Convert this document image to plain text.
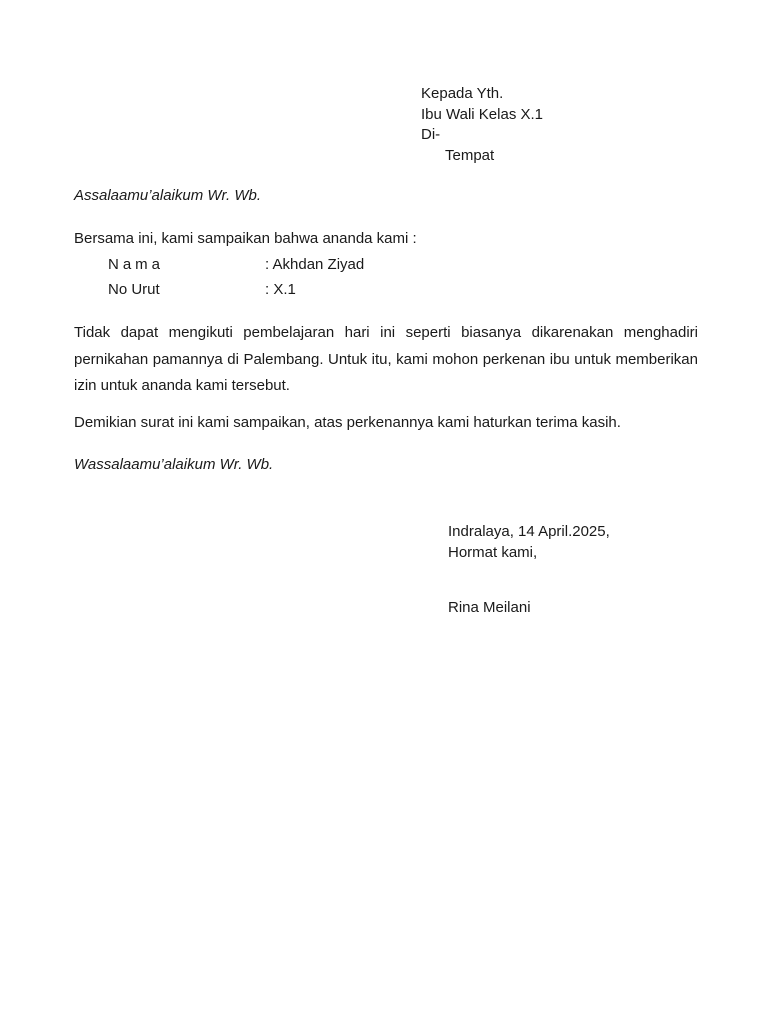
Kepada Yth.
Ibu Wali Kelas X.1
Di-
Tempat
Assalaamu’alaikum Wr. Wb.
Bersama ini, kami sampaikan bahwa ananda kami :
Nama	: Akhdan Ziyad
No Urut	: X.1
Tidak dapat mengikuti pembelajaran hari ini seperti biasanya dikarenakan menghadiri pernikahan pamannya di Palembang. Untuk itu, kami mohon perkenan ibu untuk memberikan izin untuk ananda kami tersebut.
Demikian surat ini kami sampaikan, atas perkenannya kami haturkan terima kasih.
Wassalaamu’alaikum Wr. Wb.
Indralaya, 14 April.2025,
Hormat kami,
Rina Meilani
